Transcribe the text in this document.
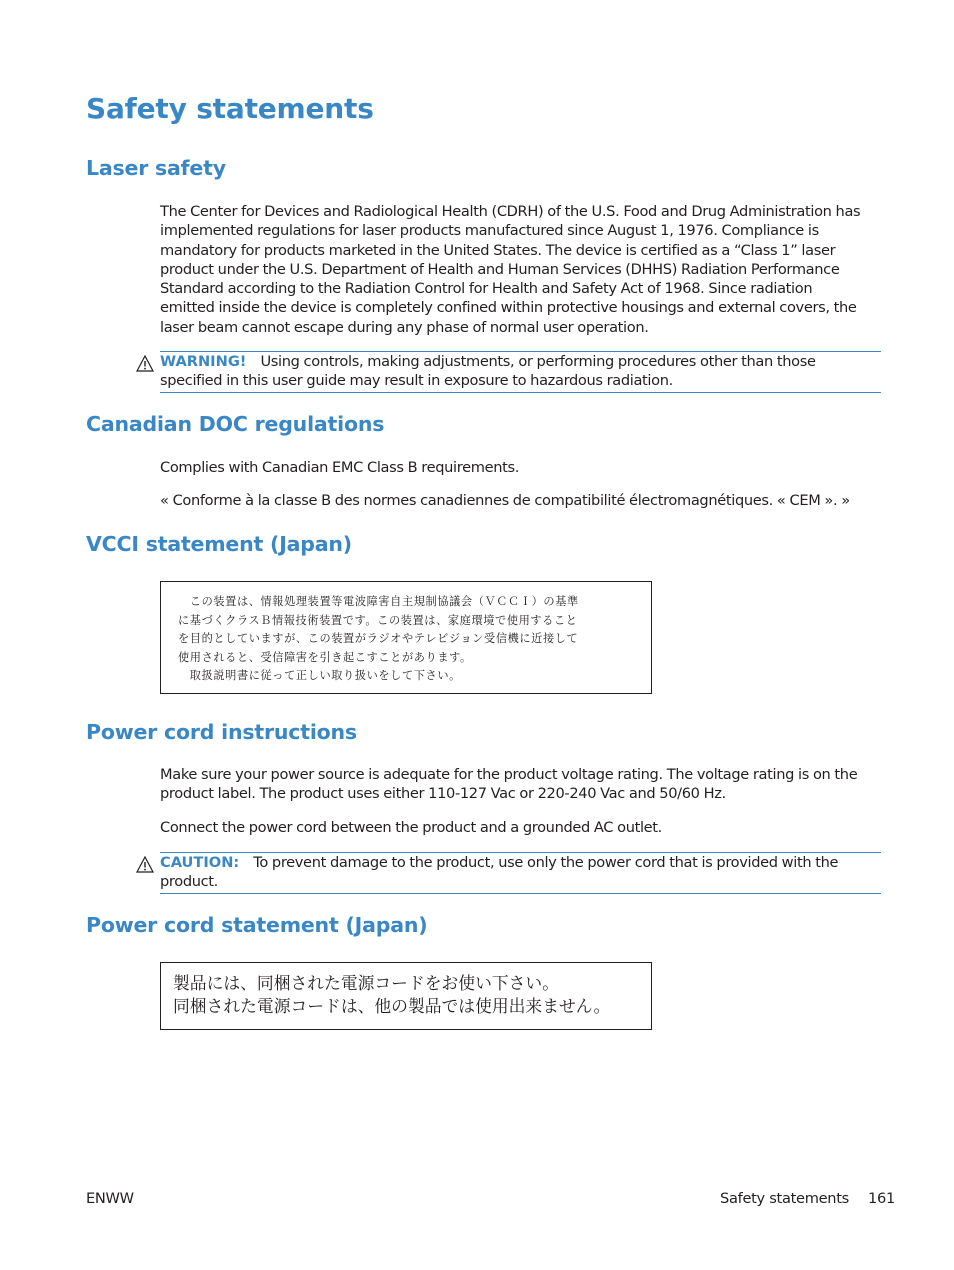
Safety statements
Laser safety
The Center for Devices and Radiological Health (CDRH) of the U.S. Food and Drug Administration has
implemented regulations for laser products manufactured since August 1, 1976. Compliance is
mandatory for products marketed in the United States. The device is certified as a “Class 1” laser
product under the U.S. Department of Health and Human Services (DHHS) Radiation Performance
Standard according to the Radiation Control for Health and Safety Act of 1968. Since radiation
emitted inside the device is completely confined within protective housings and external covers, the
laser beam cannot escape during any phase of normal user operation.
WARNING! Using controls, making adjustments, or performing procedures other than those
specified in this user guide may result in exposure to hazardous radiation.
Canadian DOC regulations
Complies with Canadian EMC Class B requirements.
« Conforme à la classe B des normes canadiennes de compatibilité électromagnétiques. « CEM ». »
VCCI statement (Japan)
　この装置は、情報処理装置等電波障害自主規制協議会（ＶＣＣＩ）の基準
に基づくクラスＢ情報技術装置です。この装置は、家庭環境で使用すること
を目的としていますが、この装置がラジオやテレビジョン受信機に近接して
使用されると、受信障害を引き起こすことがあります。
　取扱説明書に従って正しい取り扱いをして下さい。
Power cord instructions
Make sure your power source is adequate for the product voltage rating. The voltage rating is on the
product label. The product uses either 110-127 Vac or 220-240 Vac and 50/60 Hz.
Connect the power cord between the product and a grounded AC outlet.
CAUTION: To prevent damage to the product, use only the power cord that is provided with the
product.
Power cord statement (Japan)
製品には、同梱された電源コードをお使い下さい。
同梱された電源コードは、他の製品では使用出来ません。
ENWW	Safety statements 161
